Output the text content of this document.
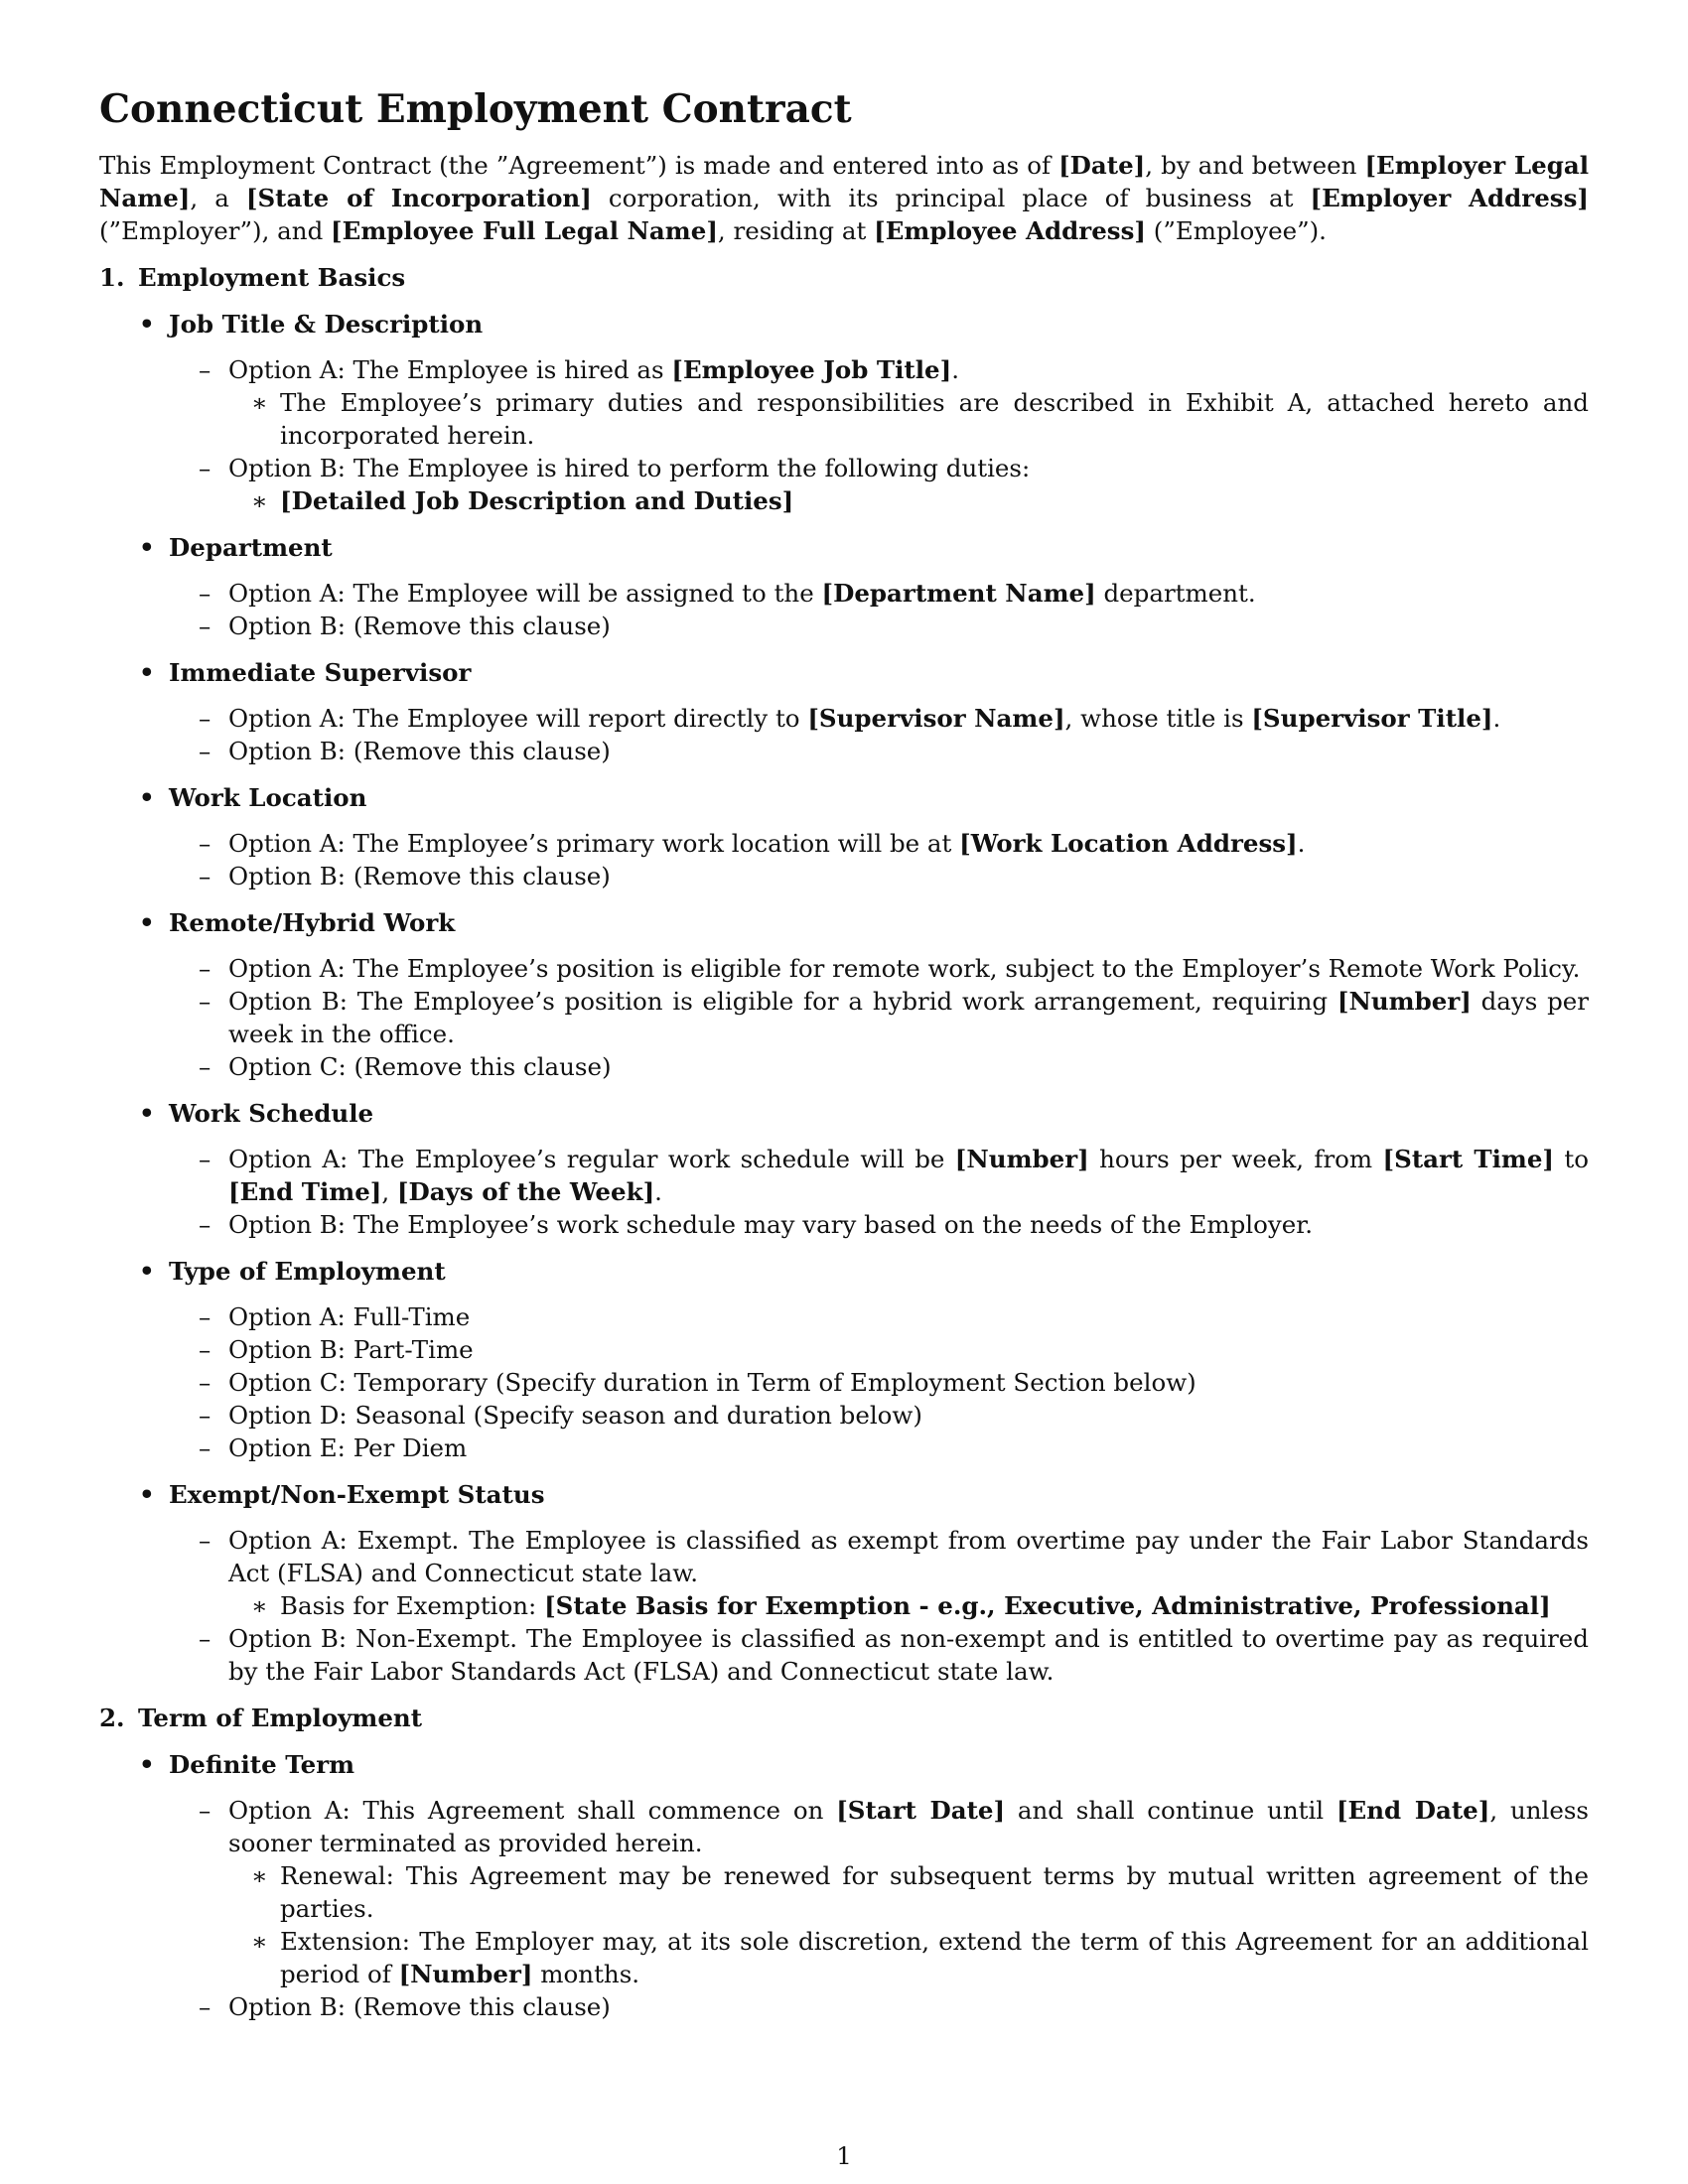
Connecticut Employment Contract

This Employment Contract (the ”Agreement”) is made and entered into as of [Date], by and between [Employer Legal Name], a [State of Incorporation] corporation, with its principal place of business at [Employer Address] (”Employer”), and [Employee Full Legal Name], residing at [Employee Address] (”Employee”).

1. Employment Basics
• Job Title & Description
– Option A: The Employee is hired as [Employee Job Title].
∗ The Employee’s primary duties and responsibilities are described in Exhibit A, attached hereto and incorporated herein.
– Option B: The Employee is hired to perform the following duties:
∗ [Detailed Job Description and Duties]
• Department
– Option A: The Employee will be assigned to the [Department Name] department.
– Option B: (Remove this clause)
• Immediate Supervisor
– Option A: The Employee will report directly to [Supervisor Name], whose title is [Supervisor Title].
– Option B: (Remove this clause)
• Work Location
– Option A: The Employee’s primary work location will be at [Work Location Address].
– Option B: (Remove this clause)
• Remote/Hybrid Work
– Option A: The Employee’s position is eligible for remote work, subject to the Employer’s Remote Work Policy.
– Option B: The Employee’s position is eligible for a hybrid work arrangement, requiring [Number] days per week in the office.
– Option C: (Remove this clause)
• Work Schedule
– Option A: The Employee’s regular work schedule will be [Number] hours per week, from [Start Time] to [End Time], [Days of the Week].
– Option B: The Employee’s work schedule may vary based on the needs of the Employer.
• Type of Employment
– Option A: Full-Time
– Option B: Part-Time
– Option C: Temporary (Specify duration in Term of Employment Section below)
– Option D: Seasonal (Specify season and duration below)
– Option E: Per Diem
• Exempt/Non-Exempt Status
– Option A: Exempt. The Employee is classified as exempt from overtime pay under the Fair Labor Standards Act (FLSA) and Connecticut state law.
∗ Basis for Exemption: [State Basis for Exemption - e.g., Executive, Administrative, Professional]
– Option B: Non-Exempt. The Employee is classified as non-exempt and is entitled to overtime pay as required by the Fair Labor Standards Act (FLSA) and Connecticut state law.
2. Term of Employment
• Definite Term
– Option A: This Agreement shall commence on [Start Date] and shall continue until [End Date], unless sooner terminated as provided herein.
∗ Renewal: This Agreement may be renewed for subsequent terms by mutual written agreement of the parties.
∗ Extension: The Employer may, at its sole discretion, extend the term of this Agreement for an additional period of [Number] months.
– Option B: (Remove this clause)
1
